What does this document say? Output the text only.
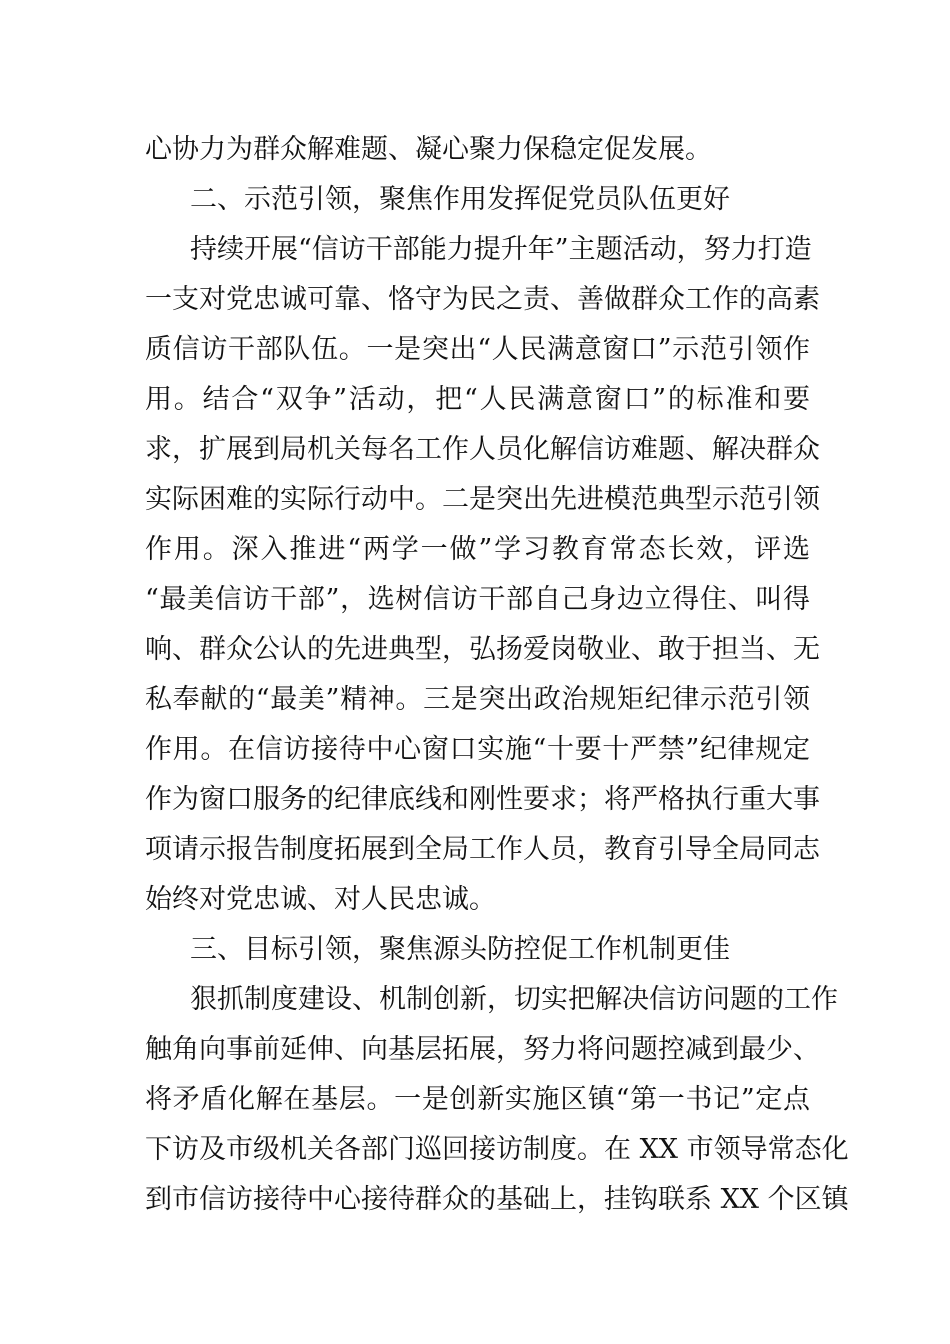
心协力为群众解难题、凝心聚力保稳定促发展。

二、示范引领，聚焦作用发挥促党员队伍更好

持续开展“信访干部能力提升年”主题活动，努力打造

一支对党忠诚可靠、恪守为民之责、善做群众工作的高素

质信访干部队伍。一是突出“人民满意窗口”示范引领作

用。结合“双争”活动，把“人民满意窗口”的标准和要

求，扩展到局机关每名工作人员化解信访难题、解决群众

实际困难的实际行动中。二是突出先进模范典型示范引领

作用。深入推进“两学一做”学习教育常态长效，评选

“最美信访干部”，选树信访干部自己身边立得住、叫得

响、群众公认的先进典型，弘扬爱岗敬业、敢于担当、无

私奉献的“最美”精神。三是突出政治规矩纪律示范引领

作用。在信访接待中心窗口实施“十要十严禁”纪律规定

作为窗口服务的纪律底线和刚性要求；将严格执行重大事

项请示报告制度拓展到全局工作人员，教育引导全局同志

始终对党忠诚、对人民忠诚。

三、目标引领，聚焦源头防控促工作机制更佳

狠抓制度建设、机制创新，切实把解决信访问题的工作

触角向事前延伸、向基层拓展，努力将问题控减到最少、

将矛盾化解在基层。一是创新实施区镇“第一书记”定点

下访及市级机关各部门巡回接访制度。在 XX 市领导常态化

到市信访接待中心接待群众的基础上，挂钩联系 XX 个区镇
